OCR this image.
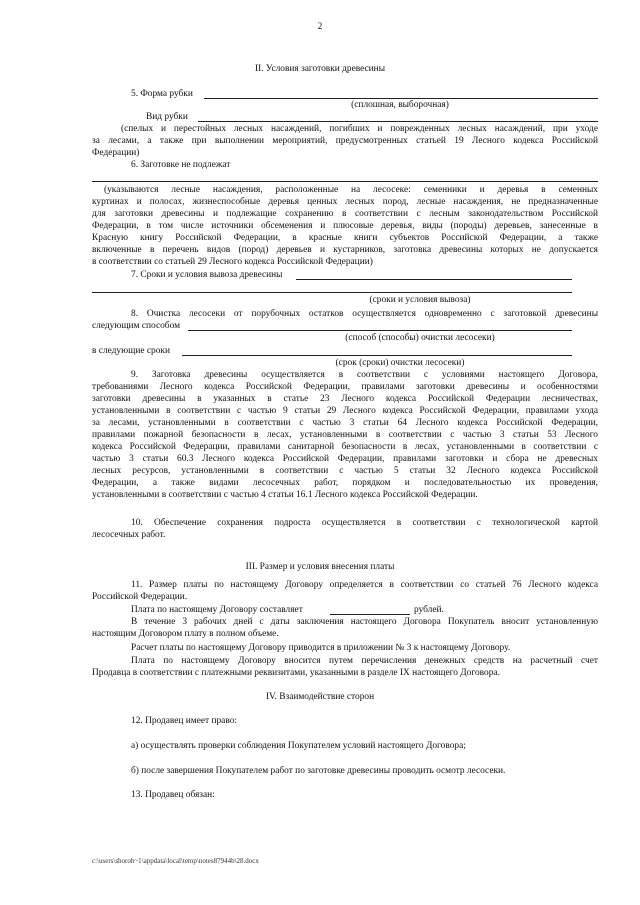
2
II. Условия заготовки древесины
5. Форма рубки
(сплошная, выборочная)
Вид рубки
(спелых и перестойных лесных насаждений, погибших и поврежденных лесных насаждений, при уходе
за лесами, а также при выполнении мероприятий, предусмотренных статьей 19 Лесного кодекса Российской
Федерации)
6. Заготовке не подлежат
(указываются лесные насаждения, расположенные на лесосеке: семенники и деревья в семенных
куртинах и полосах, жизнеспособные деревья ценных лесных пород, лесные насаждения, не предназначенные
для заготовки древесины и подлежащие сохранению в соответствии с лесным законодательством Российской
Федерации, в том числе источники обсеменения и плюсовые деревья, виды (породы) деревьев, занесенные в
Красную книгу Российской Федерации, в красные книги субъектов Российской Федерации, а также
включенные в перечень видов (пород) деревьев и кустарников, заготовка древесины которых не допускается
в соответствии со статьей 29 Лесного кодекса Российской Федерации)
7. Сроки и условия вывоза древесины
(сроки и условия вывоза)
8. Очистка лесосеки от порубочных остатков осуществляется одновременно с заготовкой древесины
следующим способом
(способ (способы) очистки лесосеки)
в следующие сроки
(срок (сроки) очистки лесосеки)
9. Заготовка древесины осуществляется в соответствии с условиями настоящего Договора,
требованиями Лесного кодекса Российской Федерации, правилами заготовки древесины и особенностями
заготовки древесины в указанных в статье 23 Лесного кодекса Российской Федерации лесничествах,
установленными в соответствии с частью 9 статьи 29 Лесного кодекса Российской Федерации, правилами ухода
за лесами, установленными в соответствии с частью 3 статьи 64 Лесного кодекса Российской Федерации,
правилами пожарной безопасности в лесах, установленными в соответствии с частью 3 статьи 53 Лесного
кодекса Российской Федерации, правилами санитарной безопасности в лесах, установленными в соответствии с
частью 3 статьи 60.3 Лесного кодекса Российской Федерации, правилами заготовки и сбора не древесных
лесных ресурсов, установленными в соответствии с частью 5 статьи 32 Лесного кодекса Российской
Федерации, а также видами лесосечных работ, порядком и последовательностью их проведения,
установленными в соответствии с частью 4 статьи 16.1 Лесного кодекса Российской Федерации.
10. Обеспечение сохранения подроста осуществляется в соответствии с технологической картой
лесосечных работ.
III. Размер и условия внесения платы
11. Размер платы по настоящему Договору определяется в соответствии со статьей 76 Лесного кодекса
Российской Федерации.
Плата по настоящему Договору составляет	рублей.
В течение 3 рабочих дней с даты заключения настоящего Договора Покупатель вносит установленную
настоящим Договором плату в полном объеме.
Расчет платы по настоящему Договору приводится в приложении № 3 к настоящему Договору.
Плата по настоящему Договору вносится путем перечисления денежных средств на расчетный счет
Продавца в соответствии с платежными реквизитами, указанными в разделе IX настоящего Договора.
IV. Взаимодействие сторон
12. Продавец имеет право:
а) осуществлять проверки соблюдения Покупателем условий настоящего Договора;
б) после завершения Покупателем работ по заготовке древесины проводить осмотр лесосеки.
13. Продавец обязан:
c:\users\shoroh~1\appdata\local\temp\notes87944b\28.docx
